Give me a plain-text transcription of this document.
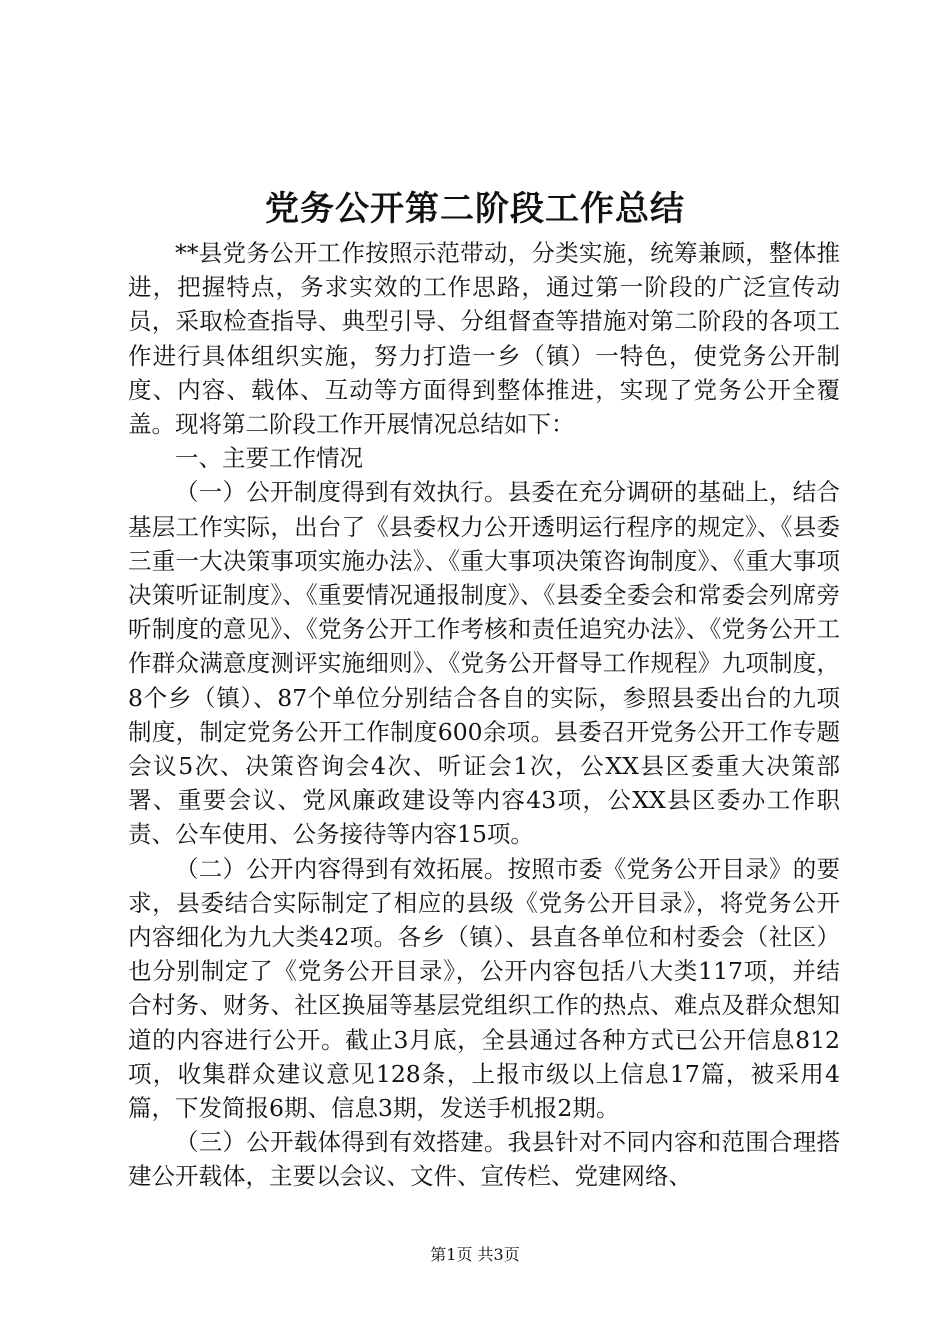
党务公开第二阶段工作总结

**县党务公开工作按照示范带动，分类实施，统筹兼顾，整体推进，把握特点，务求实效的工作思路，通过第一阶段的广泛宣传动员，采取检查指导、典型引导、分组督查等措施对第二阶段的各项工作进行具体组织实施，努力打造一乡（镇）一特色，使党务公开制度、内容、载体、互动等方面得到整体推进，实现了党务公开全覆盖。现将第二阶段工作开展情况总结如下：

一、主要工作情况

（一）公开制度得到有效执行。县委在充分调研的基础上，结合基层工作实际，出台了《县委权力公开透明运行程序的规定》、《县委三重一大决策事项实施办法》、《重大事项决策咨询制度》、《重大事项决策听证制度》、《重要情况通报制度》、《县委全委会和常委会列席旁听制度的意见》、《党务公开工作考核和责任追究办法》、《党务公开工作群众满意度测评实施细则》、《党务公开督导工作规程》九项制度，8个乡（镇）、87个单位分别结合各自的实际，参照县委出台的九项制度，制定党务公开工作制度600余项。县委召开党务公开工作专题会议5次、决策咨询会4次、听证会1次，公XX县区委重大决策部署、重要会议、党风廉政建设等内容43项，公XX县区委办工作职责、公车使用、公务接待等内容15项。

（二）公开内容得到有效拓展。按照市委《党务公开目录》的要求，县委结合实际制定了相应的县级《党务公开目录》，将党务公开内容细化为九大类42项。各乡（镇）、县直各单位和村委会（社区）也分别制定了《党务公开目录》，公开内容包括八大类117项，并结合村务、财务、社区换届等基层党组织工作的热点、难点及群众想知道的内容进行公开。截止3月底，全县通过各种方式已公开信息812项，收集群众建议意见128条，上报市级以上信息17篇，被采用4篇，下发简报6期、信息3期，发送手机报2期。

（三）公开载体得到有效搭建。我县针对不同内容和范围合理搭建公开载体，主要以会议、文件、宣传栏、党建网络、

第1页 共3页
